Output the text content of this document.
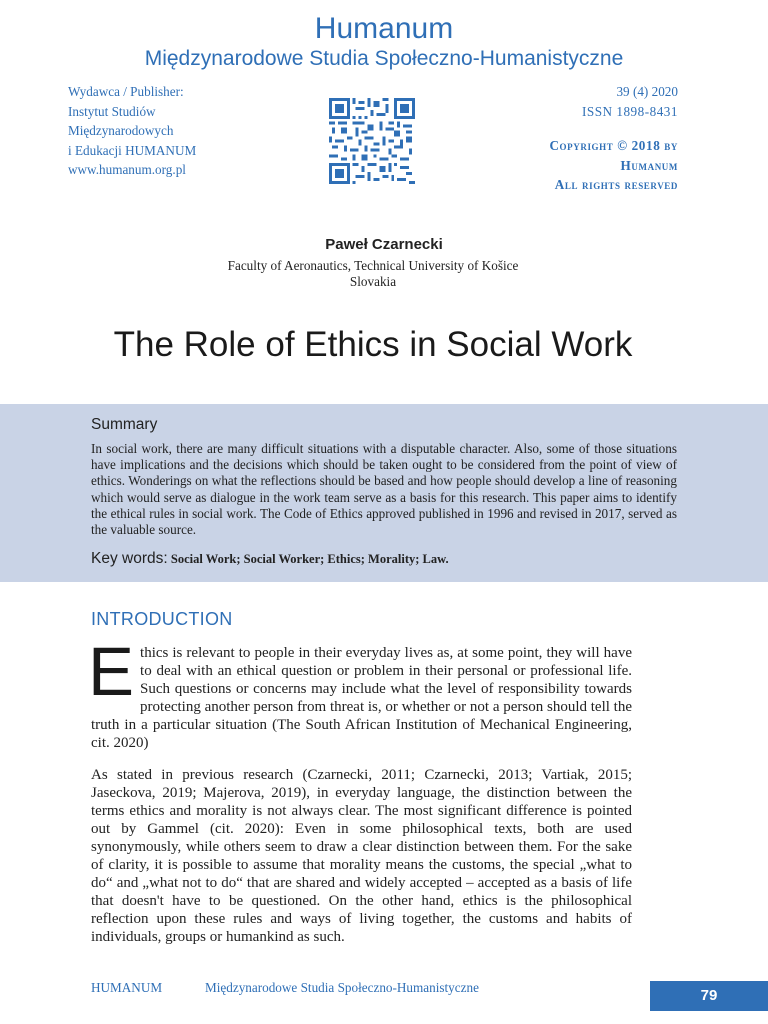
Humanum
Międzynarodowe Studia Społeczno-Humanistyczne
Wydawca / Publisher:
Instytut Studiów
Międzynarodowych
i Edukacji HUMANUM
www.humanum.org.pl
39 (4) 2020
ISSN 1898-8431
Copyright © 2018 by
Humanum
All rights reserved
Paweł Czarnecki
Faculty of Aeronautics, Technical University of Košice
Slovakia
The Role of Ethics in Social Work
Summary
In social work, there are many difficult situations with a disputable character. Also, some of those situations have implications and the decisions which should be taken ought to be considered from the point of view of ethics. Wonderings on what the reflections should be based and how people should develop a line of reasoning which would serve as dialogue in the work team serve as a basis for this research. This paper aims to identify the ethical rules in social work. The Code of Ethics approved published in 1996 and revised in 2017, served as the valuable source.
Key words: Social Work; Social Worker; Ethics; Morality; Law.
INTRODUCTION
Ethics is relevant to people in their everyday lives as, at some point, they will have to deal with an ethical question or problem in their personal or professional life. Such questions or concerns may include what the level of responsibility towards protecting another person from threat is, or whether or not a person should tell the truth in a particular situation (The South African Institution of Mechanical Engineering, cit. 2020)
As stated in previous research (Czarnecki, 2011; Czarnecki, 2013; Vartiak, 2015; Jaseckova, 2019; Majerova, 2019), in everyday language, the distinction between the terms ethics and morality is not always clear. The most significant difference is pointed out by Gammel (cit. 2020): Even in some philosophical texts, both are used synonymously, while others seem to draw a clear distinction between them. For the sake of clarity, it is possible to assume that morality means the customs, the special „what to do“ and „what not to do“ that are shared and widely accepted – accepted as a basis of life that doesn't have to be questioned. On the other hand, ethics is the philosophical reflection upon these rules and ways of living together, the customs and habits of individuals, groups or humankind as such.
HUMANUM	Międzynarodowe Studia Społeczno-Humanistyczne	79
